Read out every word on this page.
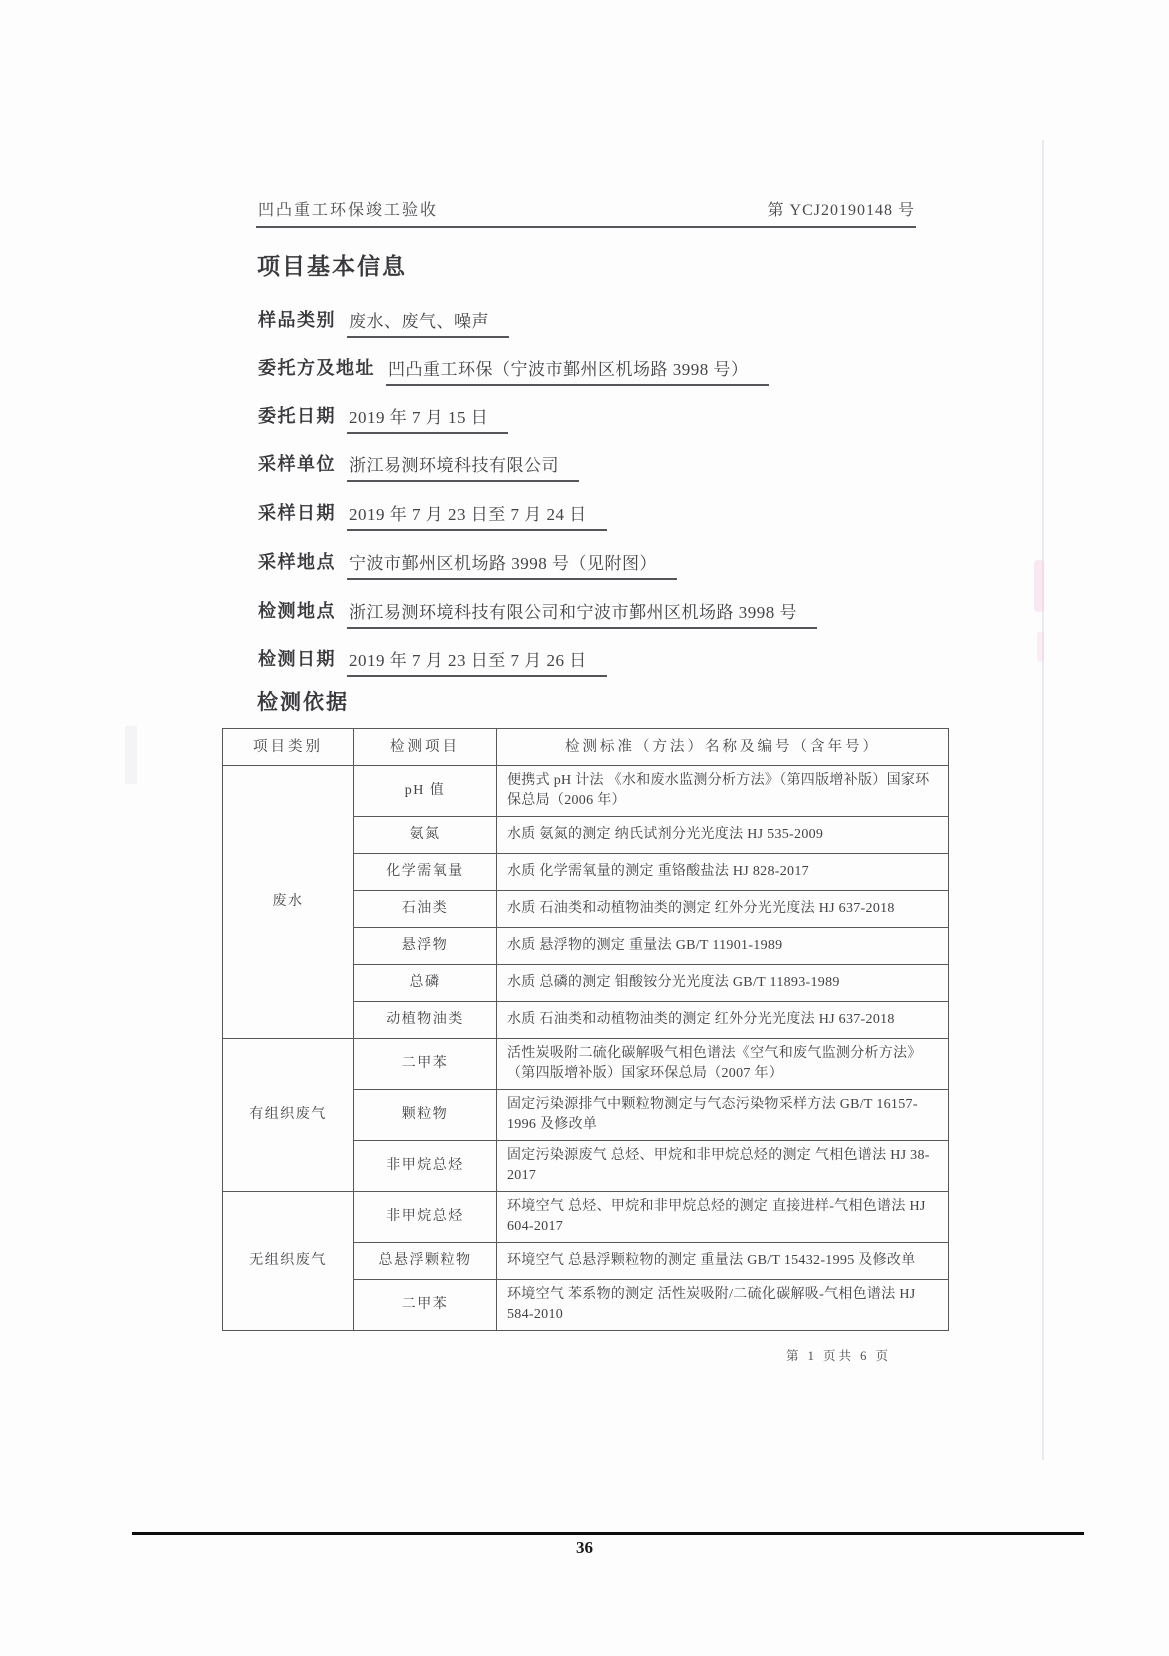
凹凸重工环保竣工验收	第 YCJ20190148 号
项目基本信息
样品类别 废水、废气、噪声
委托方及地址 凹凸重工环保（宁波市鄞州区机场路 3998 号）
委托日期 2019 年 7 月 15 日
采样单位 浙江易测环境科技有限公司
采样日期 2019 年 7 月 23 日至 7 月 24 日
采样地点 宁波市鄞州区机场路 3998 号（见附图）
检测地点 浙江易测环境科技有限公司和宁波市鄞州区机场路 3998 号
检测日期 2019 年 7 月 23 日至 7 月 26 日
检测依据
项目类别	检测项目	检测标准（方法）名称及编号（含年号）
废水	pH 值	便携式 pH 计法 《水和废水监测分析方法》（第四版增补版）国家环保总局（2006 年）
	氨氮	水质 氨氮的测定 纳氏试剂分光光度法 HJ 535-2009
	化学需氧量	水质 化学需氧量的测定 重铬酸盐法 HJ 828-2017
	石油类	水质 石油类和动植物油类的测定 红外分光光度法 HJ 637-2018
	悬浮物	水质 悬浮物的测定 重量法 GB/T 11901-1989
	总磷	水质 总磷的测定 钼酸铵分光光度法 GB/T 11893-1989
	动植物油类	水质 石油类和动植物油类的测定 红外分光光度法 HJ 637-2018
有组织废气	二甲苯	活性炭吸附二硫化碳解吸气相色谱法《空气和废气监测分析方法》（第四版增补版）国家环保总局（2007 年）
	颗粒物	固定污染源排气中颗粒物测定与气态污染物采样方法 GB/T 16157-1996 及修改单
	非甲烷总烃	固定污染源废气 总烃、甲烷和非甲烷总烃的测定 气相色谱法 HJ 38-2017
无组织废气	非甲烷总烃	环境空气 总烃、甲烷和非甲烷总烃的测定 直接进样-气相色谱法 HJ 604-2017
	总悬浮颗粒物	环境空气 总悬浮颗粒物的测定 重量法 GB/T 15432-1995 及修改单
	二甲苯	环境空气 苯系物的测定 活性炭吸附/二硫化碳解吸-气相色谱法 HJ 584-2010
第 1 页共 6 页
36
